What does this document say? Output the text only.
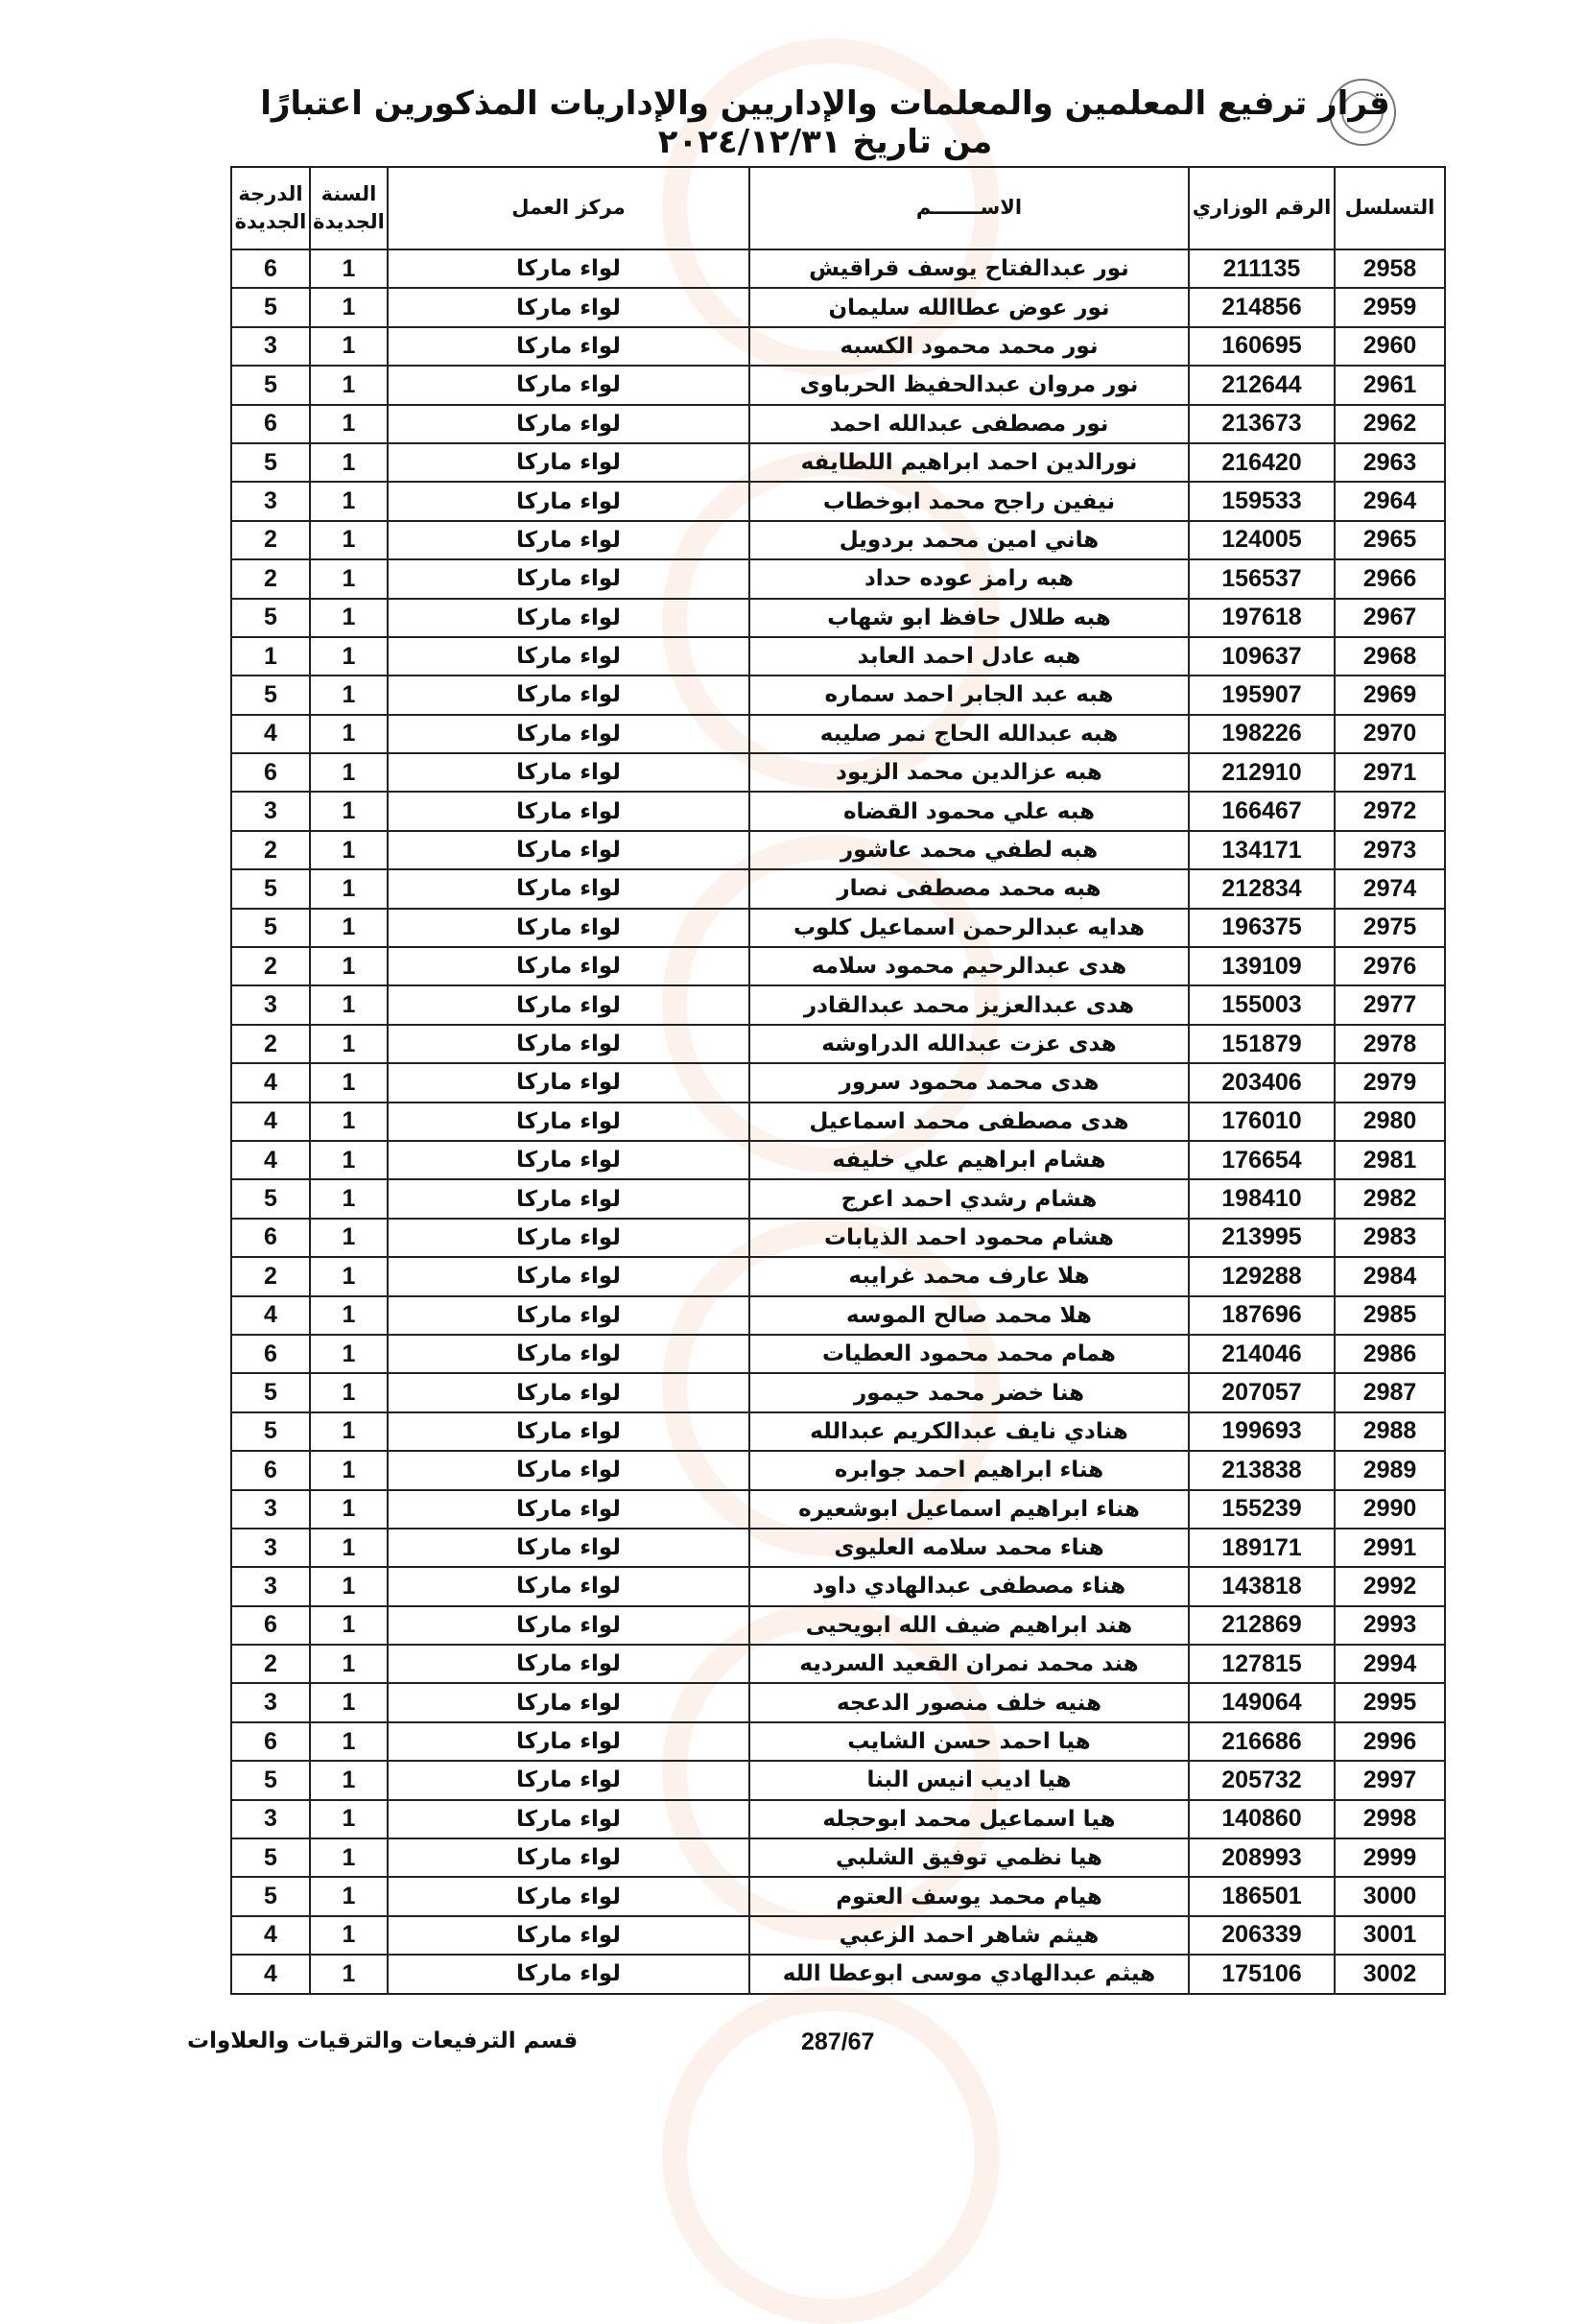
قرار ترفيع المعلمين والمعلمات والإداريين والإداريات المذكورين اعتبارًا من تاريخ ٢٠٢٤/١٢/٣١
التسلسل	الرقم الوزاري	الاســـــــم	مركز العمل	السنة الجديدة	الدرجة الجديدة
2958	211135	نور عبدالفتاح يوسف قراقيش	لواء ماركا	1	6
2959	214856	نور عوض عطاالله سليمان	لواء ماركا	1	5
2960	160695	نور محمد محمود الكسبه	لواء ماركا	1	3
2961	212644	نور مروان عبدالحفيظ الحرباوى	لواء ماركا	1	5
2962	213673	نور مصطفى عبدالله احمد	لواء ماركا	1	6
2963	216420	نورالدين احمد ابراهيم اللطايفه	لواء ماركا	1	5
2964	159533	نيفين راجح محمد ابوخطاب	لواء ماركا	1	3
2965	124005	هاني امين محمد بردويل	لواء ماركا	1	2
2966	156537	هبه رامز عوده حداد	لواء ماركا	1	2
2967	197618	هبه طلال حافظ ابو شهاب	لواء ماركا	1	5
2968	109637	هبه عادل احمد العابد	لواء ماركا	1	1
2969	195907	هبه عبد الجابر احمد سماره	لواء ماركا	1	5
2970	198226	هبه عبدالله الحاج نمر صليبه	لواء ماركا	1	4
2971	212910	هبه عزالدين محمد الزيود	لواء ماركا	1	6
2972	166467	هبه علي محمود القضاه	لواء ماركا	1	3
2973	134171	هبه لطفي محمد عاشور	لواء ماركا	1	2
2974	212834	هبه محمد مصطفى نصار	لواء ماركا	1	5
2975	196375	هدايه عبدالرحمن اسماعيل كلوب	لواء ماركا	1	5
2976	139109	هدى عبدالرحيم محمود سلامه	لواء ماركا	1	2
2977	155003	هدى عبدالعزيز محمد عبدالقادر	لواء ماركا	1	3
2978	151879	هدى عزت عبدالله الدراوشه	لواء ماركا	1	2
2979	203406	هدى محمد محمود سرور	لواء ماركا	1	4
2980	176010	هدى مصطفى محمد اسماعيل	لواء ماركا	1	4
2981	176654	هشام ابراهيم علي خليفه	لواء ماركا	1	4
2982	198410	هشام رشدي احمد اعرج	لواء ماركا	1	5
2983	213995	هشام محمود احمد الذيابات	لواء ماركا	1	6
2984	129288	هلا عارف محمد غرايبه	لواء ماركا	1	2
2985	187696	هلا محمد صالح الموسه	لواء ماركا	1	4
2986	214046	همام محمد محمود العطيات	لواء ماركا	1	6
2987	207057	هنا خضر محمد حيمور	لواء ماركا	1	5
2988	199693	هنادي نايف عبدالكريم عبدالله	لواء ماركا	1	5
2989	213838	هناء ابراهيم احمد جوابره	لواء ماركا	1	6
2990	155239	هناء ابراهيم اسماعيل ابوشعيره	لواء ماركا	1	3
2991	189171	هناء محمد سلامه العليوى	لواء ماركا	1	3
2992	143818	هناء مصطفى عبدالهادي داود	لواء ماركا	1	3
2993	212869	هند ابراهيم ضيف الله ابويحيى	لواء ماركا	1	6
2994	127815	هند محمد نمران القعيد السرديه	لواء ماركا	1	2
2995	149064	هنيه خلف منصور الدعجه	لواء ماركا	1	3
2996	216686	هيا احمد حسن الشايب	لواء ماركا	1	6
2997	205732	هيا اديب انيس البنا	لواء ماركا	1	5
2998	140860	هيا اسماعيل محمد ابوحجله	لواء ماركا	1	3
2999	208993	هيا نظمي توفيق الشلبي	لواء ماركا	1	5
3000	186501	هيام محمد يوسف العتوم	لواء ماركا	1	5
3001	206339	هيثم شاهر احمد الزعبي	لواء ماركا	1	4
3002	175106	هيثم عبدالهادي موسى ابوعطا الله	لواء ماركا	1	4
قسم الترفيعات والترقيات والعلاوات	287/67
